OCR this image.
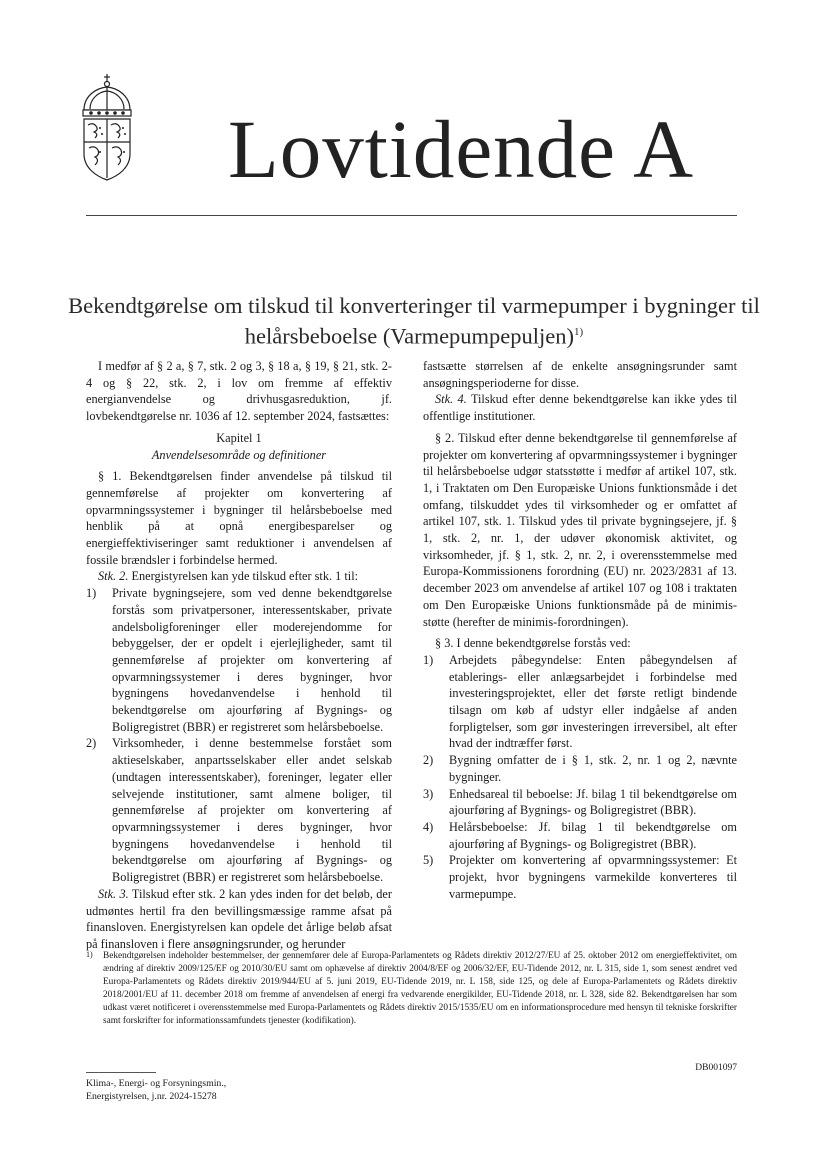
Lovtidende A
Bekendtgørelse om tilskud til konverteringer til varmepumper i bygninger til
helårsbeboelse (Varmepumpepuljen)$^{1)}$

I medfør af § 2 a, § 7, stk. 2 og 3, § 18 a, § 19, § 21, stk. 2-4 og § 22, stk. 2, i lov om fremme af effektiv energianvendelse og drivhusgasreduktion, jf. lovbekendtgørelse nr. 1036 af 12. september 2024, fastsættes:

Kapitel 1

Anvendelsesområde og definitioner

§ 1. Bekendtgørelsen finder anvendelse på tilskud til gennemførelse af projekter om konvertering af opvarmningssystemer i bygninger til helårsbeboelse med henblik på at opnå energibesparelser og energieffektiviseringer samt reduktioner i anvendelsen af fossile brændsler i forbindelse hermed.

Stk. 2. Energistyrelsen kan yde tilskud efter stk. 1 til:

1) Private bygningsejere, som ved denne bekendtgørelse forstås som privatpersoner, interessentskaber, private andelsboligforeninger eller moderejendomme for bebyggelser, der er opdelt i ejerlejligheder, samt til gennemførelse af projekter om konvertering af opvarmningssystemer i deres bygninger, hvor bygningens hovedanvendelse i henhold til bekendtgørelse om ajourføring af Bygnings- og Boligregistret (BBR) er registreret som helårsbeboelse.
2) Virksomheder, i denne bestemmelse forstået som aktieselskaber, anpartsselskaber eller andet selskab (undtagen interessentskaber), foreninger, legater eller selvejende institutioner, samt almene boliger, til gennemførelse af projekter om konvertering af opvarmningssystemer i deres bygninger, hvor bygningens hovedanvendelse i henhold til bekendtgørelse om ajourføring af Bygnings- og Boligregistret (BBR) er registreret som helårsbeboelse.

Stk. 3. Tilskud efter stk. 2 kan ydes inden for det beløb, der udmøntes hertil fra den bevillingsmæssige ramme afsat på finansloven. Energistyrelsen kan opdele det årlige beløb afsat på finansloven i flere ansøgningsrunder, og herunder

fastsætte størrelsen af de enkelte ansøgningsrunder samt ansøgningsperioderne for disse.

Stk. 4. Tilskud efter denne bekendtgørelse kan ikke ydes til offentlige institutioner.

§ 2. Tilskud efter denne bekendtgørelse til gennemførelse af projekter om konvertering af opvarmningssystemer i bygninger til helårsbeboelse udgør statsstøtte i medfør af artikel 107, stk. 1, i Traktaten om Den Europæiske Unions funktionsmåde i det omfang, tilskuddet ydes til virksomheder og er omfattet af artikel 107, stk. 1. Tilskud ydes til private bygningsejere, jf. § 1, stk. 2, nr. 1, der udøver økonomisk aktivitet, og virksomheder, jf. § 1, stk. 2, nr. 2, i overensstemmelse med Europa-Kommissionens forordning (EU) nr. 2023/2831 af 13. december 2023 om anvendelse af artikel 107 og 108 i traktaten om Den Europæiske Unions funktionsmåde på de minimis-støtte (herefter de minimis-forordningen).

§ 3. I denne bekendtgørelse forstås ved:

1) Arbejdets påbegyndelse: Enten påbegyndelsen af etablerings- eller anlægsarbejdet i forbindelse med investeringsprojektet, eller det første retligt bindende tilsagn om køb af udstyr eller indgåelse af anden forpligtelser, som gør investeringen irreversibel, alt efter hvad der indtræffer først.
2) Bygning omfatter de i § 1, stk. 2, nr. 1 og 2, nævnte bygninger.
3) Enhedsareal til beboelse: Jf. bilag 1 til bekendtgørelse om ajourføring af Bygnings- og Boligregistret (BBR).
4) Helårsbeboelse: Jf. bilag 1 til bekendtgørelse om ajourføring af Bygnings- og Boligregistret (BBR).
5) Projekter om konvertering af opvarmningssystemer: Et projekt, hvor bygningens varmekilde konverteres til varmepumpe.
1) Bekendtgørelsen indeholder bestemmelser, der gennemfører dele af Europa-Parlamentets og Rådets direktiv 2012/27/EU af 25. oktober 2012 om energieffektivitet, om ændring af direktiv 2009/125/EF og 2010/30/EU samt om ophævelse af direktiv 2004/8/EF og 2006/32/EF, EU-Tidende 2012, nr. L 315, side 1, som senest ændret ved Europa-Parlamentets og Rådets direktiv 2019/944/EU af 5. juni 2019, EU-Tidende 2019, nr. L 158, side 125, og dele af Europa-Parlamentets og Rådets direktiv 2018/2001/EU af 11. december 2018 om fremme af anvendelsen af energi fra vedvarende energikilder, EU-Tidende 2018, nr. L 328, side 82. Bekendtgørelsen har som udkast været notificeret i overensstemmelse med Europa-Parlamentets og Rådets direktiv 2015/1535/EU om en informationsprocedure med hensyn til tekniske forskrifter samt forskrifter for informationssamfundets tjenester (kodifikation).
DB001097
Klima-, Energi- og Forsyningsmin.,
Energistyrelsen, j.nr. 2024-15278
